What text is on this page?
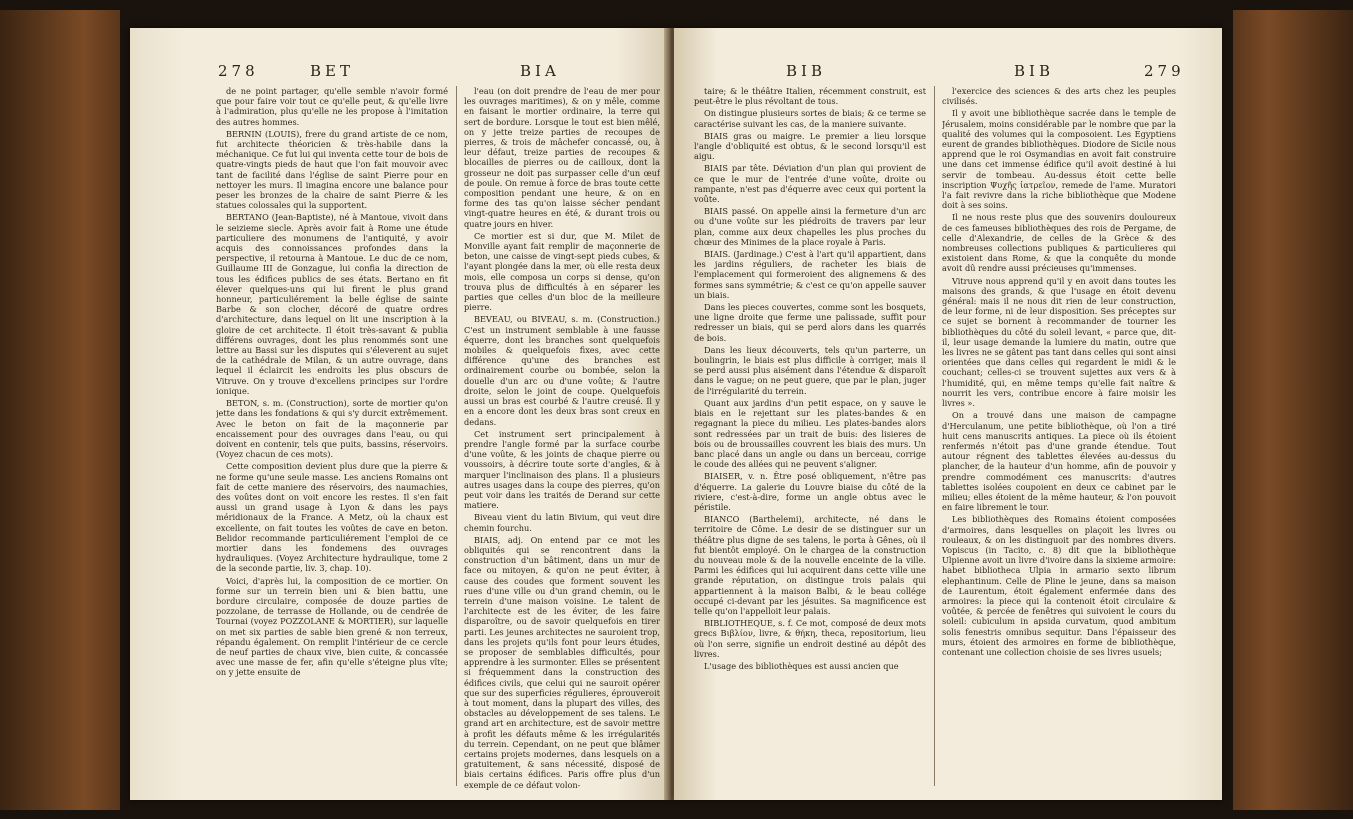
278	BET	BIA

de ne point partager, qu'elle semble n'avoir formé que pour faire voir tout ce qu'elle peut, & qu'elle livre à l'admiration, plus qu'elle ne les propose à l'imitation des autres hommes.

BERNIN (LOUIS), frere du grand artiste de ce nom, fut architecte théoricien & très-habile dans la méchanique. Ce fut lui qui inventa cette tour de bois de quatre-vingts pieds de haut que l'on fait mouvoir avec tant de facilité dans l'église de saint Pierre pour en nettoyer les murs. Il imagina encore une balance pour peser les bronzes de la chaire de saint Pierre & les statues colossales qui la supportent.

BERTANO (Jean-Baptiste), né à Mantoue, vivoit dans le seizieme siecle. Après avoir fait à Rome une étude particuliere des monumens de l'antiquité, y avoir acquis des connoissances profondes dans la perspective, il retourna à Mantoue. Le duc de ce nom, Guillaume III de Gonzague, lui confia la direction de tous les édifices publics de ses états. Bertano en fit élever quelques-uns qui lui firent le plus grand honneur, particuliérement la belle église de sainte Barbe & son clocher, décoré de quatre ordres d'architecture, dans lequel on lit une inscription à la gloire de cet architecte. Il étoit très-savant & publia différens ouvrages, dont les plus renommés sont une lettre au Bassi sur les disputes qui s'éleverent au sujet de la cathédrale de Milan, & un autre ouvrage, dans lequel il éclaircit les endroits les plus obscurs de Vitruve. On y trouve d'excellens principes sur l'ordre ionique.

BETON, s. m. (Construction), sorte de mortier qu'on jette dans les fondations & qui s'y durcit extrêmement. Avec le beton on fait de la maçonnerie par encaissement pour des ouvrages dans l'eau, ou qui doivent en contenir, tels que puits, bassins, réservoirs. (Voyez chacun de ces mots).

Cette composition devient plus dure que la pierre & ne forme qu'une seule masse. Les anciens Romains ont fait de cette maniere des réservoirs, des naumachies, des voûtes dont on voit encore les restes. Il s'en fait aussi un grand usage à Lyon & dans les pays méridionaux de la France. A Metz, où la chaux est excellente, on fait toutes les voûtes de cave en beton. Belidor recommande particuliérement l'emploi de ce mortier dans les fondemens des ouvrages hydrauliques. (Voyez Architecture hydraulique, tome 2 de la seconde partie, liv. 3, chap. 10).

Voici, d'après lui, la composition de ce mortier. On forme sur un terrein bien uni & bien battu, une bordure circulaire, composée de douze parties de pozzolane, de terrasse de Hollande, ou de cendrée de Tournai (voyez POZZOLANE & MORTIER), sur laquelle on met six parties de sable bien grené & non terreux, répandu également. On remplit l'intérieur de ce cercle de neuf parties de chaux vive, bien cuite, & concassée avec une masse de fer, afin qu'elle s'éteigne plus vîte; on y jette ensuite de

l'eau (on doit prendre de l'eau de mer pour les ouvrages maritimes), & on y mêle, comme en faisant le mortier ordinaire, la terre qui sert de bordure. Lorsque le tout est bien mêlé, on y jette treize parties de recoupes de pierres, & trois de mâchefer concassé, ou, à leur défaut, treize parties de recoupes & blocailles de pierres ou de cailloux, dont la grosseur ne doit pas surpasser celle d'un œuf de poule. On remue à force de bras toute cette composition pendant une heure, & on en forme des tas qu'on laisse sécher pendant vingt-quatre heures en été, & durant trois ou quatre jours en hiver.

Ce mortier est si dur, que M. Milet de Monville ayant fait remplir de maçonnerie de beton, une caisse de vingt-sept pieds cubes, & l'ayant plongée dans la mer, où elle resta deux mois, elle composa un corps si dense, qu'on trouva plus de difficultés à en séparer les parties que celles d'un bloc de la meilleure pierre.

BEVEAU, ou BIVEAU, s. m. (Construction.) C'est un instrument semblable à une fausse équerre, dont les branches sont quelquefois mobiles & quelquefois fixes, avec cette différence qu'une des branches est ordinairement courbe ou bombée, selon la douelle d'un arc ou d'une voûte; & l'autre droite, selon le joint de coupe. Quelquefois aussi un bras est courbé & l'autre creusé. Il y en a encore dont les deux bras sont creux en dedans.

Cet instrument sert principalement à prendre l'angle formé par la surface courbe d'une voûte, & les joints de chaque pierre ou voussoirs, à décrire toute sorte d'angles, & à marquer l'inclinaison des plans. Il a plusieurs autres usages dans la coupe des pierres, qu'on peut voir dans les traités de Derand sur cette matiere.

Biveau vient du latin Bivium, qui veut dire chemin fourchu.

BIAIS, adj. On entend par ce mot les obliquités qui se rencontrent dans la construction d'un bâtiment, dans un mur de face ou mitoyen, & qu'on ne peut éviter, à cause des coudes que forment souvent les rues d'une ville ou d'un grand chemin, ou le terrein d'une maison voisine. Le talent de l'architecte est de les éviter, de les faire disparoître, ou de savoir quelquefois en tirer parti. Les jeunes architectes ne sauroient trop, dans les projets qu'ils font pour leurs études, se proposer de semblables difficultés, pour apprendre à les surmonter. Elles se présentent si fréquemment dans la construction des édifices civils, que celui qui ne sauroit opérer que sur des superficies régulieres, éprouveroit à tout moment, dans la plupart des villes, des obstacles au développement de ses talens. Le grand art en architecture, est de savoir mettre à profit les défauts même & les irrégularités du terrein. Cependant, on ne peut que blâmer certains projets modernes, dans lesquels on a gratuitement, & sans nécessité, disposé de biais certains édifices. Paris offre plus d'un exemple de ce défaut volon-

BIB	BIB	279

taire; & le théâtre Italien, récemment construit, est peut-être le plus révoltant de tous.

On distingue plusieurs sortes de biais; & ce terme se caractérise suivant les cas, de la maniere suivante.

BIAIS gras ou maigre. Le premier a lieu lorsque l'angle d'obliquité est obtus, & le second lorsqu'il est aigu.

BIAIS par tête. Déviation d'un plan qui provient de ce que le mur de l'entrée d'une voûte, droite ou rampante, n'est pas d'équerre avec ceux qui portent la voûte.

BIAIS passé. On appelle ainsi la fermeture d'un arc ou d'une voûte sur les piédroits de travers par leur plan, comme aux deux chapelles les plus proches du chœur des Minimes de la place royale à Paris.

BIAIS. (Jardinage.) C'est à l'art qu'il appartient, dans les jardins réguliers, de racheter les biais de l'emplacement qui formeroient des alignemens & des formes sans symmétrie; & c'est ce qu'on appelle sauver un biais.

Dans les pieces couvertes, comme sont les bosquets, une ligne droite que ferme une palissade, suffit pour redresser un biais, qui se perd alors dans les quarrés de bois.

Dans les lieux découverts, tels qu'un parterre, un boulingrin, le biais est plus difficile à corriger, mais il se perd aussi plus aisément dans l'étendue & disparoît dans le vague; on ne peut guere, que par le plan, juger de l'irrégularité du terrein.

Quant aux jardins d'un petit espace, on y sauve le biais en le rejettant sur les plates-bandes & en regagnant la piece du milieu. Les plates-bandes alors sont redressées par un trait de buis: des lisieres de bois ou de broussailles couvrent les biais des murs. Un banc placé dans un angle ou dans un berceau, corrige le coude des allées qui ne peuvent s'aligner.

BIAISER, v. n. Être posé obliquement, n'être pas d'équerre. La galerie du Louvre biaise du côté de la riviere, c'est-à-dire, forme un angle obtus avec le péristile.

BIANCO (Barthelemi), architecte, né dans le territoire de Côme. Le desir de se distinguer sur un théâtre plus digne de ses talens, le porta à Gênes, où il fut bientôt employé. On le chargea de la construction du nouveau mole & de la nouvelle enceinte de la ville. Parmi les édifices qui lui acquirent dans cette ville une grande réputation, on distingue trois palais qui appartiennent à la maison Balbi, & le beau collége occupé ci-devant par les jésuites. Sa magnificence est telle qu'on l'appelloit leur palais.

BIBLIOTHEQUE, s. f. Ce mot, composé de deux mots grecs Βιβλίον, livre, & θήκη, theca, repositorium, lieu où l'on serre, signifie un endroit destiné au dépôt des livres.

L'usage des bibliothèques est aussi ancien que

l'exercice des sciences & des arts chez les peuples civilisés.

Il y avoit une bibliothèque sacrée dans le temple de Jérusalem, moins considérable par le nombre que par la qualité des volumes qui la composoient. Les Egyptiens eurent de grandes bibliothèques. Diodore de Sicile nous apprend que le roi Osymandias en avoit fait construire une dans cet immense édifice qu'il avoit destiné à lui servir de tombeau. Au-dessus étoit cette belle inscription Ψυχῆς ἰατρεῖον, remede de l'ame. Muratori l'a fait revivre dans la riche bibliothèque que Modene doit à ses soins.

Il ne nous reste plus que des souvenirs douloureux de ces fameuses bibliothèques des rois de Pergame, de celle d'Alexandrie, de celles de la Grèce & des nombreuses collections publiques & particulieres qui existoient dans Rome, & que la conquête du monde avoit dû rendre aussi précieuses qu'immenses.

Vitruve nous apprend qu'il y en avoit dans toutes les maisons des grands, & que l'usage en étoit devenu général: mais il ne nous dit rien de leur construction, de leur forme, ni de leur disposition. Ses préceptes sur ce sujet se bornent à recommander de tourner les bibliothèques du côté du soleil levant, « parce que, dit-il, leur usage demande la lumiere du matin, outre que les livres ne se gâtent pas tant dans celles qui sont ainsi orientées que dans celles qui regardent le midi & le couchant; celles-ci se trouvent sujettes aux vers & à l'humidité, qui, en même temps qu'elle fait naître & nourrit les vers, contribue encore à faire moisir les livres ».

On a trouvé dans une maison de campagne d'Herculanum, une petite bibliothèque, où l'on a tiré huit cens manuscrits antiques. La piece où ils étoient renfermés n'étoit pas d'une grande étendue. Tout autour régnent des tablettes élevées au-dessus du plancher, de la hauteur d'un homme, afin de pouvoir y prendre commodément ces manuscrits: d'autres tablettes isolées coupoient en deux ce cabinet par le milieu; elles étoient de la même hauteur, & l'on pouvoit en faire librement le tour.

Les bibliothèques des Romains étoient composées d'armoires, dans lesquelles on plaçoit les livres ou rouleaux, & on les distinguoit par des nombres divers. Vopiscus (in Tacito, c. 8) dit que la bibliothèque Ulpienne avoit un livre d'ivoire dans la sixieme armoire: habet bibliotheca Ulpia in armario sexto librum elephantinum. Celle de Pline le jeune, dans sa maison de Laurentum, étoit également enfermée dans des armoires: la piece qui la contenoit étoit circulaire & voûtée, & percée de fenêtres qui suivoient le cours du soleil: cubiculum in apsida curvatum, quod ambitum solis fenestris omnibus sequitur. Dans l'épaisseur des murs, étoient des armoires en forme de bibliothèque, contenant une collection choisie de ses livres usuels;
